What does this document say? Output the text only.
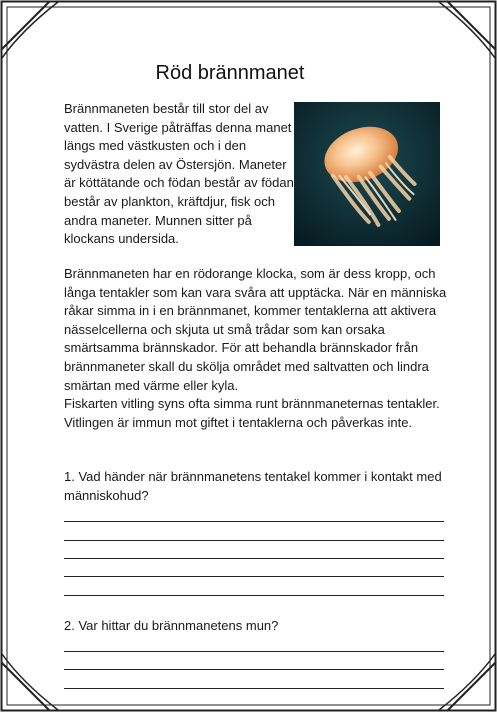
Röd brännmanet
Brännmaneten består till stor del av vatten. I Sverige påträffas denna manet längs med västkusten och i den sydvästra delen av Östersjön. Maneter är köttätande och födan består av födan består av plankton, kräftdjur, fisk och andra maneter. Munnen sitter på klockans undersida.

Brännmaneten har en rödorange klocka, som är dess kropp, och långa tentakler som kan vara svåra att upptäcka. När en människa råkar simma in i en brännmanet, kommer tentaklerna att aktivera nässelcellerna och skjuta ut små trådar som kan orsaka smärtsamma brännskador. För att behandla brännskador från brännmaneter skall du skölja området med saltvatten och lindra smärtan med värme eller kyla.

Fiskarten vitling syns ofta simma runt brännmaneternas tentakler. Vitlingen är immun mot giftet i tentaklerna och påverkas inte.

1. Vad händer när brännmanetens tentakel kommer i kontakt med människohud?
2. Var hittar du brännmanetens mun?
